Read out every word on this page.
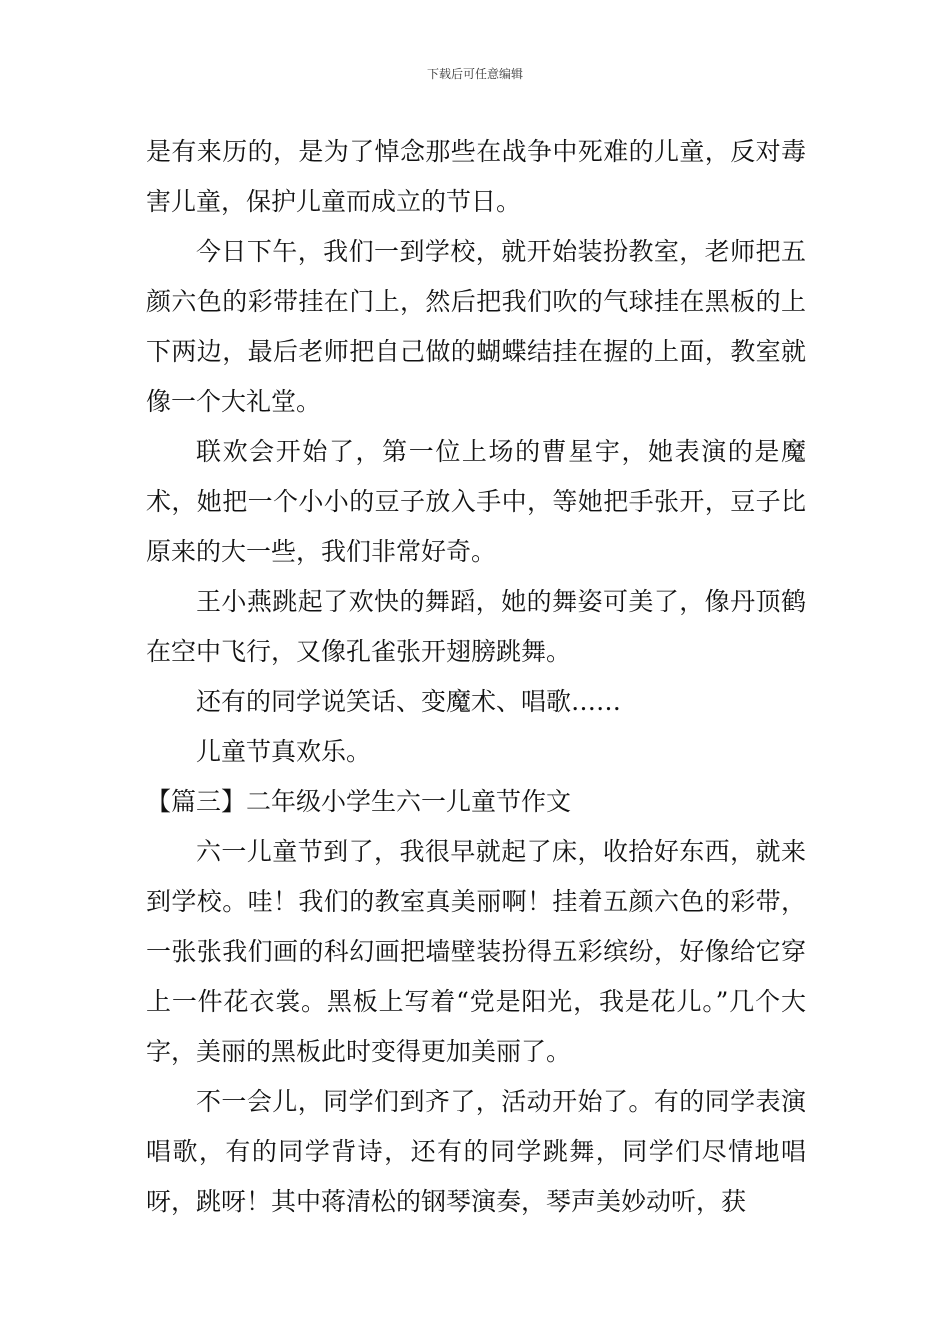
下载后可任意编辑

是有来历的，是为了悼念那些在战争中死难的儿童，反对毒害儿童，保护儿童而成立的节日。

今日下午，我们一到学校，就开始装扮教室，老师把五颜六色的彩带挂在门上，然后把我们吹的气球挂在黑板的上下两边，最后老师把自己做的蝴蝶结挂在握的上面，教室就像一个大礼堂。

联欢会开始了，第一位上场的曹星宇，她表演的是魔术，她把一个小小的豆子放入手中，等她把手张开，豆子比原来的大一些，我们非常好奇。

王小燕跳起了欢快的舞蹈，她的舞姿可美了，像丹顶鹤在空中飞行，又像孔雀张开翅膀跳舞。

还有的同学说笑话、变魔术、唱歌……

儿童节真欢乐。

【篇三】二年级小学生六一儿童节作文

六一儿童节到了，我很早就起了床，收拾好东西，就来到学校。哇！我们的教室真美丽啊！挂着五颜六色的彩带，一张张我们画的科幻画把墙壁装扮得五彩缤纷，好像给它穿上一件花衣裳。黑板上写着“党是阳光，我是花儿。”几个大字，美丽的黑板此时变得更加美丽了。

不一会儿，同学们到齐了，活动开始了。有的同学表演唱歌，有的同学背诗，还有的同学跳舞，同学们尽情地唱呀，跳呀！其中蒋清松的钢琴演奏，琴声美妙动听，获
